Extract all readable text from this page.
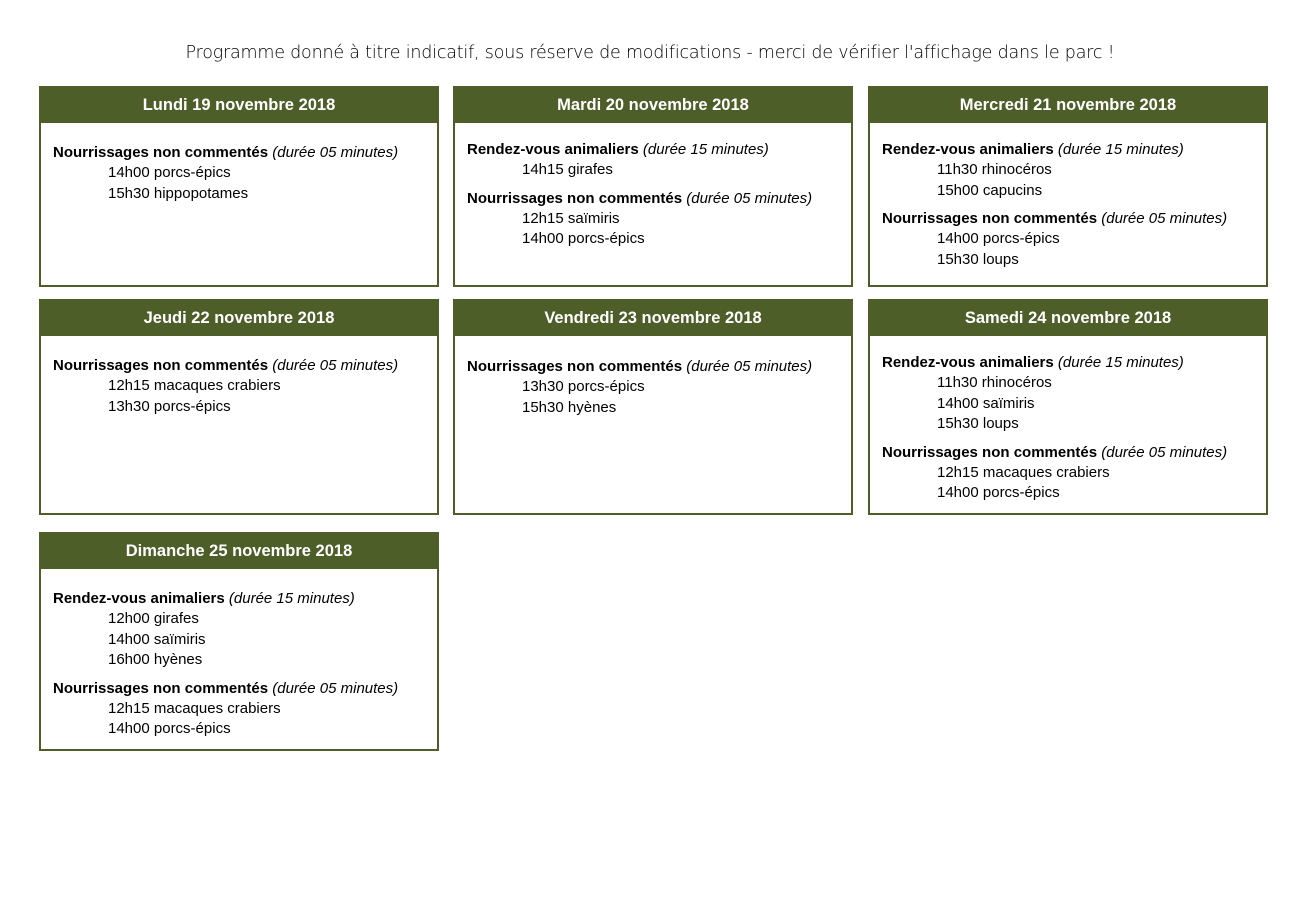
Programme donné à titre indicatif, sous réserve de modifications - merci de vérifier l'affichage dans le parc !
Lundi 19 novembre 2018
Nourrissages non commentés (durée 05 minutes)
14h00 porcs-épics
15h30 hippopotames
Mardi 20 novembre 2018
Rendez-vous animaliers (durée 15 minutes)
14h15 girafes
Nourrissages non commentés (durée 05 minutes)
12h15 saïmiris
14h00 porcs-épics
Mercredi 21 novembre 2018
Rendez-vous animaliers (durée 15 minutes)
11h30 rhinocéros
15h00 capucins
Nourrissages non commentés (durée 05 minutes)
14h00 porcs-épics
15h30 loups
Jeudi 22 novembre 2018
Nourrissages non commentés (durée 05 minutes)
12h15 macaques crabiers
13h30 porcs-épics
Vendredi 23 novembre 2018
Nourrissages non commentés (durée 05 minutes)
13h30 porcs-épics
15h30 hyènes
Samedi 24 novembre 2018
Rendez-vous animaliers (durée 15 minutes)
11h30 rhinocéros
14h00 saïmiris
15h30 loups
Nourrissages non commentés (durée 05 minutes)
12h15 macaques crabiers
14h00 porcs-épics
Dimanche 25 novembre 2018
Rendez-vous animaliers (durée 15 minutes)
12h00 girafes
14h00 saïmiris
16h00 hyènes
Nourrissages non commentés (durée 05 minutes)
12h15 macaques crabiers
14h00 porcs-épics
